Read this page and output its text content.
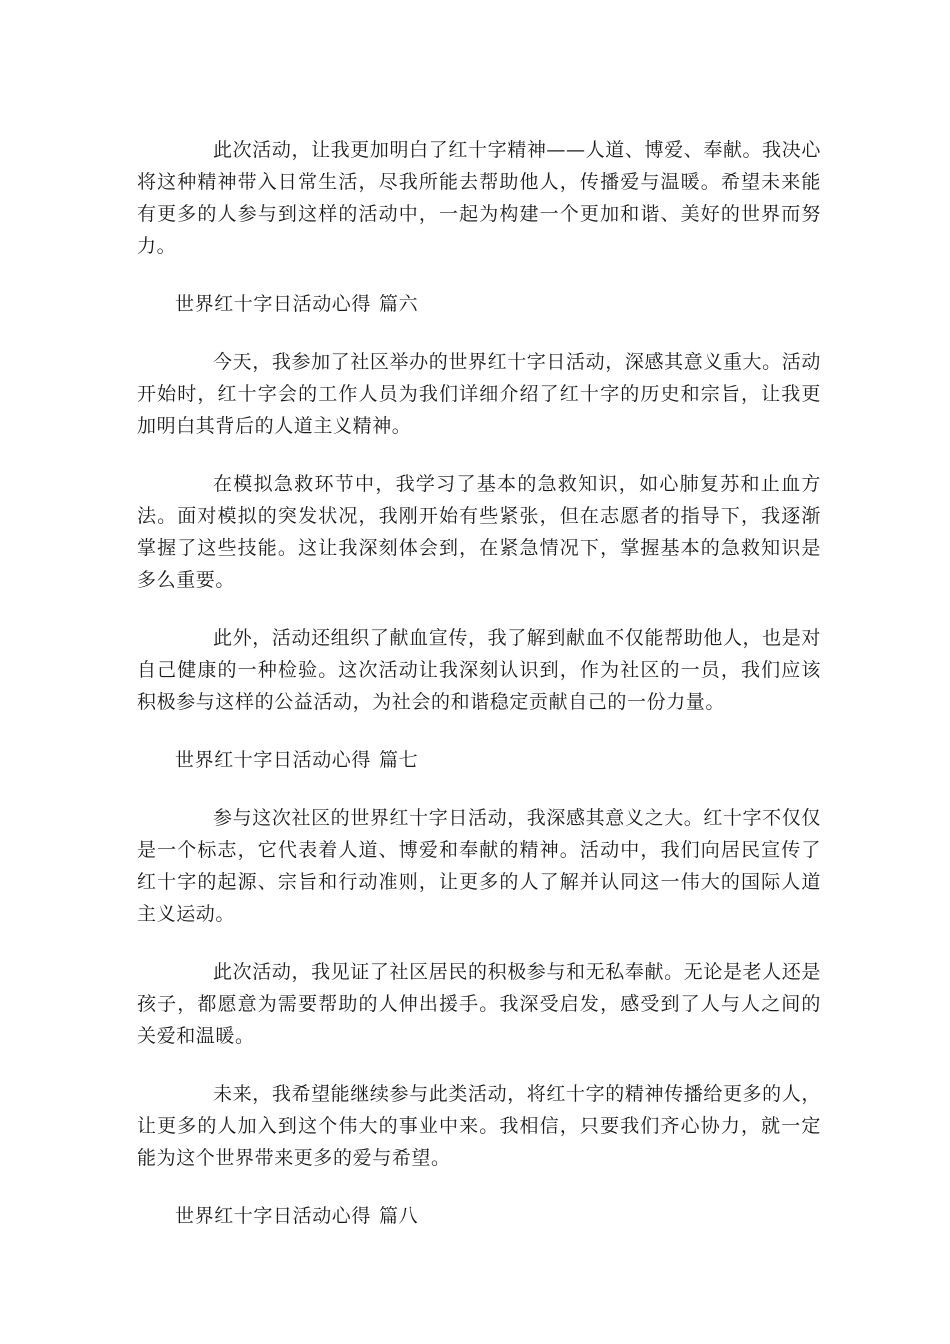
此次活动，让我更加明白了红十字精神——人道、博爱、奉献。我决心将这种精神带入日常生活，尽我所能去帮助他人，传播爱与温暖。希望未来能有更多的人参与到这样的活动中，一起为构建一个更加和谐、美好的世界而努力。

世界红十字日活动心得 篇六

今天，我参加了社区举办的世界红十字日活动，深感其意义重大。活动开始时，红十字会的工作人员为我们详细介绍了红十字的历史和宗旨，让我更加明白其背后的人道主义精神。

在模拟急救环节中，我学习了基本的急救知识，如心肺复苏和止血方法。面对模拟的突发状况，我刚开始有些紧张，但在志愿者的指导下，我逐渐掌握了这些技能。这让我深刻体会到，在紧急情况下，掌握基本的急救知识是多么重要。

此外，活动还组织了献血宣传，我了解到献血不仅能帮助他人，也是对自己健康的一种检验。这次活动让我深刻认识到，作为社区的一员，我们应该积极参与这样的公益活动，为社会的和谐稳定贡献自己的一份力量。

世界红十字日活动心得 篇七

参与这次社区的世界红十字日活动，我深感其意义之大。红十字不仅仅是一个标志，它代表着人道、博爱和奉献的精神。活动中，我们向居民宣传了红十字的起源、宗旨和行动准则，让更多的人了解并认同这一伟大的国际人道主义运动。

此次活动，我见证了社区居民的积极参与和无私奉献。无论是老人还是孩子，都愿意为需要帮助的人伸出援手。我深受启发，感受到了人与人之间的关爱和温暖。

未来，我希望能继续参与此类活动，将红十字的精神传播给更多的人，让更多的人加入到这个伟大的事业中来。我相信，只要我们齐心协力，就一定能为这个世界带来更多的爱与希望。

世界红十字日活动心得 篇八
